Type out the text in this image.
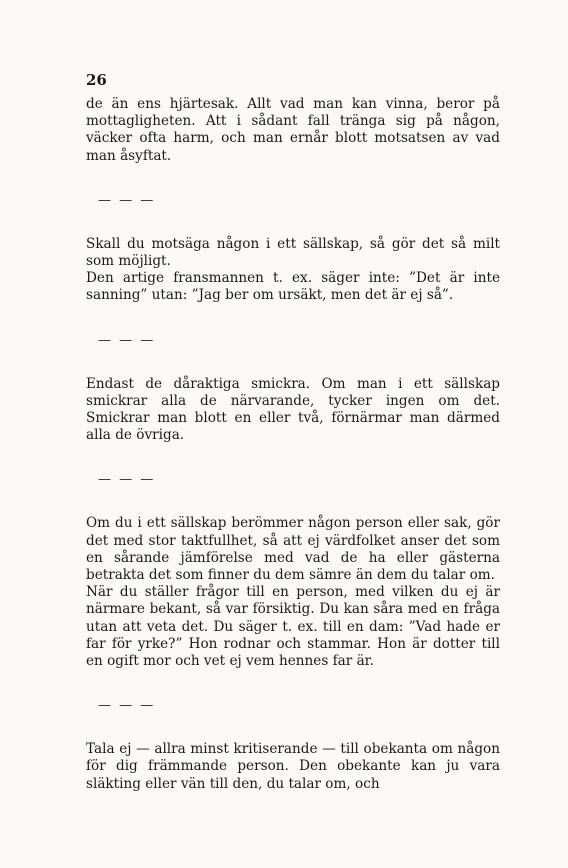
26

de än ens hjärtesak. Allt vad man kan vinna, beror på mottagligheten. Att i sådant fall tränga sig på någon, väcker ofta harm, och man ernår blott motsatsen av vad man åsyftat.

— — —

Skall du motsäga någon i ett sällskap, så gör det så milt som möjligt.

Den artige fransmannen t. ex. säger inte: ”Det är inte sanning” utan: ”Jag ber om ursäkt, men det är ej så”.

— — —

Endast de dåraktiga smickra. Om man i ett sällskap smickrar alla de närvarande, tycker ingen om det. Smickrar man blott en eller två, förnärmar man därmed alla de övriga.

— — —

Om du i ett sällskap berömmer någon person eller sak, gör det med stor taktfullhet, så att ej värdfolket anser det som en sårande jämförelse med vad de ha eller gästerna betrakta det som finner du dem sämre än dem du talar om.

När du ställer frågor till en person, med vilken du ej är närmare bekant, så var försiktig. Du kan såra med en fråga utan att veta det. Du säger t. ex. till en dam: ”Vad hade er far för yrke?” Hon rodnar och stammar. Hon är dotter till en ogift mor och vet ej vem hennes far är.

— — —

Tala ej — allra minst kritiserande — till obekanta om någon för dig främmande person. Den obekante kan ju vara släkting eller vän till den, du talar om, och
